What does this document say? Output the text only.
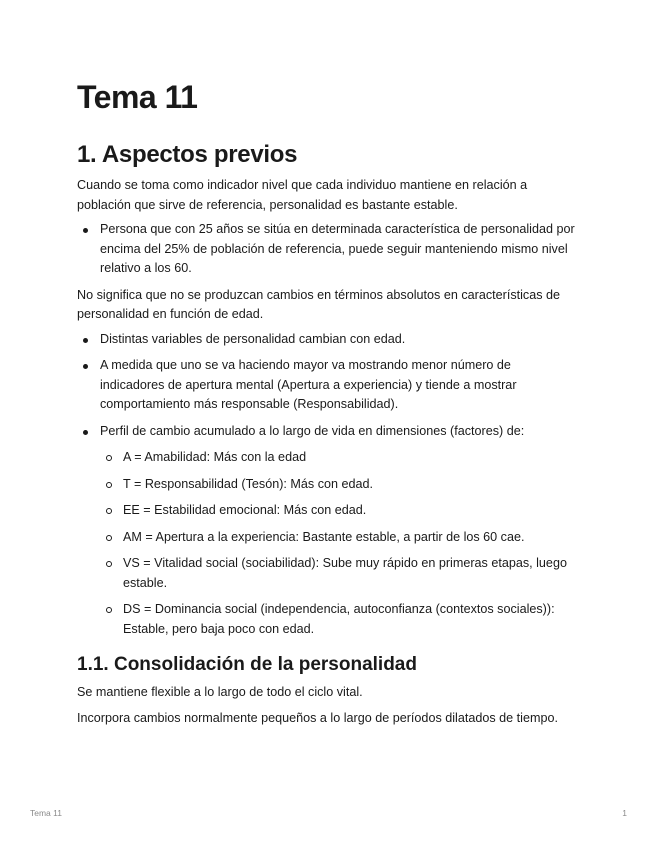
Tema 11
1. Aspectos previos

Cuando se toma como indicador nivel que cada individuo mantiene en relación a población que sirve de referencia, personalidad es bastante estable.

Persona que con 25 años se sitúa en determinada característica de personalidad por encima del 25% de población de referencia, puede seguir manteniendo mismo nivel relativo a los 60.

No significa que no se produzcan cambios en términos absolutos en características de personalidad en función de edad.

Distintas variables de personalidad cambian con edad.
A medida que uno se va haciendo mayor va mostrando menor número de indicadores de apertura mental (Apertura a experiencia) y tiende a mostrar comportamiento más responsable (Responsabilidad).
Perfil de cambio acumulado a lo largo de vida en dimensiones (factores) de:
A = Amabilidad: Más con la edad
T = Responsabilidad (Tesón): Más con edad.
EE = Estabilidad emocional: Más con edad.
AM = Apertura a la experiencia: Bastante estable, a partir de los 60 cae.
VS = Vitalidad social (sociabilidad): Sube muy rápido en primeras etapas, luego estable.
DS = Dominancia social (independencia, autoconfianza (contextos sociales)): Estable, pero baja poco con edad.
1.1. Consolidación de la personalidad

Se mantiene flexible a lo largo de todo el ciclo vital.

Incorpora cambios normalmente pequeños a lo largo de períodos dilatados de tiempo.

Tema 11	1
